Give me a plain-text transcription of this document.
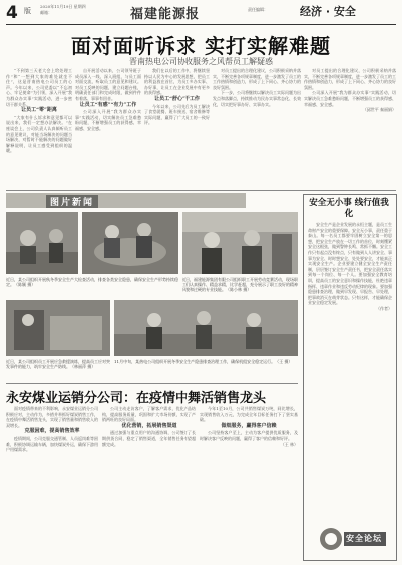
4 版
2020年11月19日 星期四
邮箱：	福建能源报	责任编辑：	经济 · 安全
面对面听诉求 实打实解难题
晋南热电公司协收服务之风帮员工解疑惑

“不到第三天老大会上给处理工作”和“一想到大家的难处就坐不住”，这是晋南热电公司员工的心声。今年以来，公司党委以“不忘初心、牢记使命”为引领，深入开展“我为群众办实事”实践活动，进一步密切干群关系。

让员工“零”距离

“大家有什么诉求和意见都可以说出来，我们一定想办法解决。”在座谈会上，公司负责人认真倾听员工的意见建议，对能当场解决的问题当场解决，对暂时不能解决的问题做好解释说明，让员工感受到组织的温暖。

自开展活动以来，公司领导班子成员深入一线、深入班组，与员工面对面交流，听取员工的意见和建议。对员工反映的问题，建立问题台账，明确责任部门和完成时限，做到件件有着落、事事有回音。

让员工“有感”“有力”工作

公司深入开展“我为群众办实事”实践活动，切实解决员工急难愁盼问题，不断增强员工的获得感、幸福感、安全感。

我们在以后的工作中，将继续坚持以人民为中心的发展思想，把员工的利益放在首位，为员工多办实事、办好事，让员工在企业发展中有更多的获得感。

让员工“舒心”干工作

今年以来，公司先后为员工解决了食堂就餐、班车接送、宿舍维修等实际问题，赢得了广大员工的一致好评。

对员工提出的合理化建议，公司积极采纳并落实，不断完善各项规章制度，进一步激发了员工的工作热情和创造力，形成了上下同心、齐心协力的良好氛围。

下一步，公司将继续以解决员工实际问题为出发点和落脚点，持续推动为民办实事常态化、长效化，切实把好事办好、实事办实。

对员工提出的合理化建议，公司积极采纳并落实，不断完善各项规章制度，进一步激发了员工的工作热情和创造力，形成了上下同心、齐心协力的良好氛围。

公司深入开展“我为群众办实事”实践活动，切实解决员工急难愁盼问题，不断增强员工的获得感、幸福感、安全感。

（邱世平 秦丽娟）
图片新闻
近日，福建能源集团有限公司组织职工开展劳动竞赛活动，现场职工们认真操作、精益求精，比学赶超，充分展示了职工良好的精神风貌和过硬的专业技能。（陈小林 摄）
近日，某公司组织开展秋冬季安全生产大检查活动，排查各类安全隐患，确保安全生产形势持续稳定。（陈颖 摄）
近日，某公司组织员工开展应急救援演练，提高员工应对突发事件的能力，筑牢安全生产防线。（林丽萍 摄）
11月中旬，某热电公司组织开展冬季安全生产隐患排查治理工作，确保机组安全稳定运行。（王 摄）
永安煤业运销分公司：在疫情中舞活销售龙头

面对疫情带来的不利影响，永安煤业运销分公司积极应对，主动作为，多措并举抓好煤炭销售工作，在疫情中舞活销售龙头，实现了销售量和销售收入的双增长。

克服困难，提高销售效率

疫情期间，公司克服交通管制、人员返岗难等困难，积极协调运输车辆，加快煤炭外运，确保下游用户用煤需求。

公司主动走访客户，了解客户需求，优化产品结构，提高服务质量，巩固和扩大市场份额，实现了产销两旺的良好局面。

优化营销，拓展销售渠道

通过加强与重点用户的沟通协调，公司签订了长期供货合同，稳定了销售渠道，全年销售任务有望超额完成。

今年1至10月，公司共销售煤炭万吨，同比增长，实现销售收入万元，为完成全年目标任务打下了坚实基础。

做细服务，赢得客户信赖

公司坚持客户至上，主动为客户提供优质服务，及时解决客户反映的问题，赢得了客户的信赖和好评。

（王 林）
安全无小事 线行值我化

安全生产是企业发展的永恒主题，是员工生命财产安全的重要保障。安全无小事，责任重于泰山。每一名员工都要牢固树立安全第一的思想，把安全生产放在一切工作的首位，时刻绷紧安全这根弦，做到警钟长鸣、常抓不懈。安全工作只有起点没有终点，只有做到人人讲安全、事事为安全、时时想安全、处处要安全，才能真正实现安全生产。企业要建立健全安全生产责任制，层层签订安全生产责任书，把安全责任落实到每一个岗位、每一个人。要加强安全教育培训，提高员工的安全意识和操作技能，杜绝违章指挥、违章作业和违反劳动纪律的现象。要加强隐患排查治理，做到早发现、早报告、早处理，把事故消灭在萌芽状态。只有这样，才能确保企业安全稳定发展。

（作者）
安全论坛
